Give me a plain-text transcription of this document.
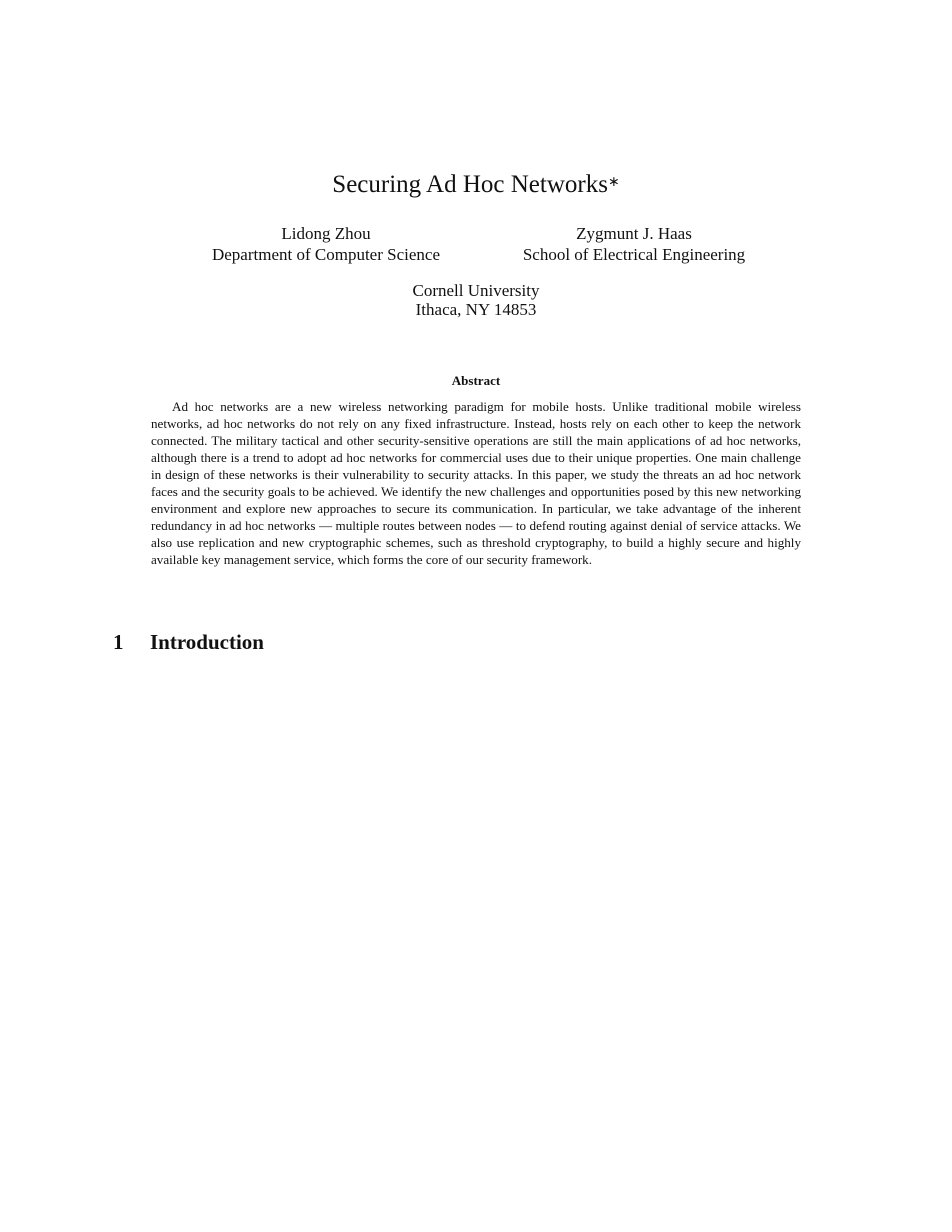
Securing Ad Hoc Networks∗
Lidong Zhou
Department of Computer Science
Zygmunt J. Haas
School of Electrical Engineering
Cornell University
Ithaca, NY 14853
Abstract

Ad hoc networks are a new wireless networking paradigm for mobile hosts. Unlike traditional mobile wireless networks, ad hoc networks do not rely on any fixed infrastructure. Instead, hosts rely on each other to keep the network connected. The military tactical and other security-sensitive operations are still the main applications of ad hoc networks, although there is a trend to adopt ad hoc networks for commercial uses due to their unique properties. One main challenge in design of these networks is their vulnerability to security attacks. In this paper, we study the threats an ad hoc network faces and the security goals to be achieved. We identify the new challenges and opportunities posed by this new networking environment and explore new approaches to secure its communication. In particular, we take advantage of the inherent redundancy in ad hoc networks — multiple routes between nodes — to defend routing against denial of service attacks. We also use replication and new cryptographic schemes, such as threshold cryptography, to build a highly secure and highly available key management service, which forms the core of our security framework.

1 Introduction
